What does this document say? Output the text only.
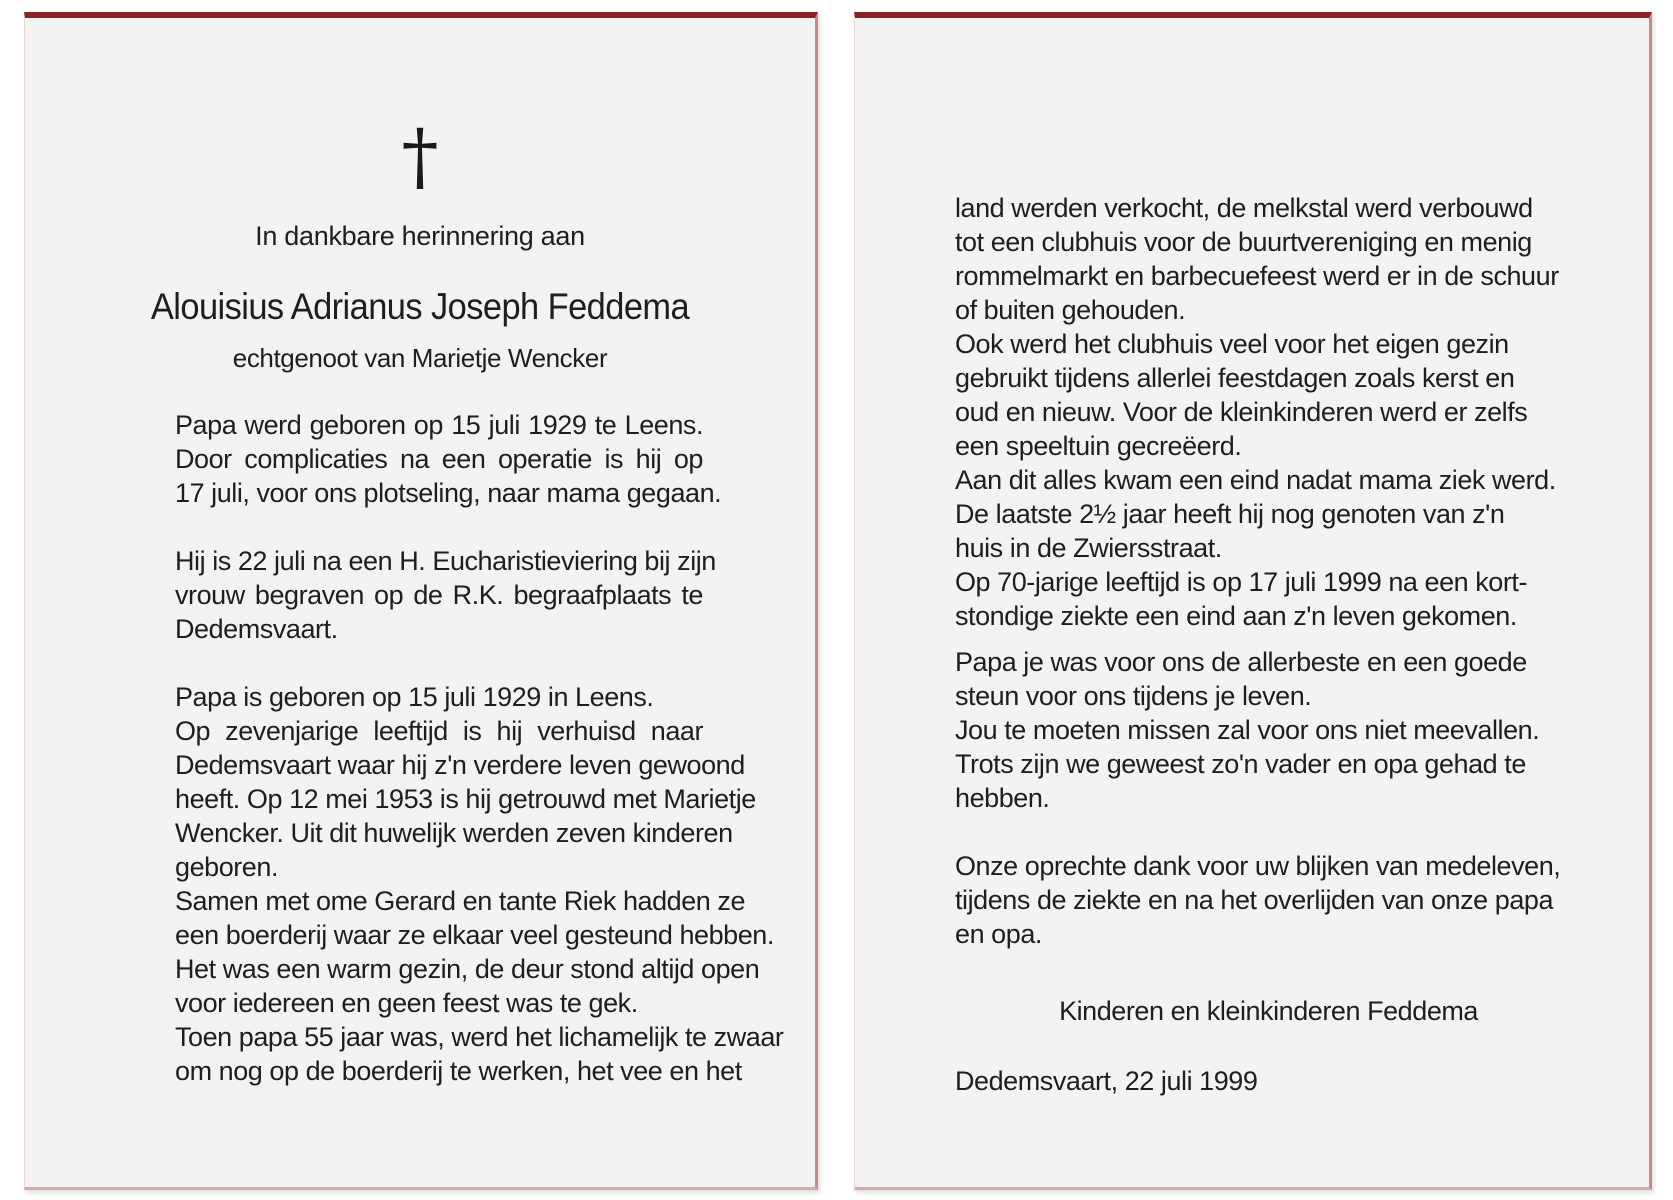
†
In dankbare herinnering aan
Alouisius Adrianus Joseph Feddema
echtgenoot van Marietje Wencker
Papa werd geboren op 15 juli 1929 te Leens.
Door complicaties na een operatie is hij op
17 juli, voor ons plotseling, naar mama gegaan.
Hij is 22 juli na een H. Eucharistieviering bij zijn
vrouw begraven op de R.K. begraafplaats te
Dedemsvaart.
Papa is geboren op 15 juli 1929 in Leens.
Op zevenjarige leeftijd is hij verhuisd naar
Dedemsvaart waar hij z'n verdere leven gewoond
heeft. Op 12 mei 1953 is hij getrouwd met Marietje
Wencker. Uit dit huwelijk werden zeven kinderen
geboren.
Samen met ome Gerard en tante Riek hadden ze
een boerderij waar ze elkaar veel gesteund hebben.
Het was een warm gezin, de deur stond altijd open
voor iedereen en geen feest was te gek.
Toen papa 55 jaar was, werd het lichamelijk te zwaar
om nog op de boerderij te werken, het vee en het
land werden verkocht, de melkstal werd verbouwd
tot een clubhuis voor de buurtvereniging en menig
rommelmarkt en barbecuefeest werd er in de schuur
of buiten gehouden.
Ook werd het clubhuis veel voor het eigen gezin
gebruikt tijdens allerlei feestdagen zoals kerst en
oud en nieuw. Voor de kleinkinderen werd er zelfs
een speeltuin gecreëerd.
Aan dit alles kwam een eind nadat mama ziek werd.
De laatste 2½ jaar heeft hij nog genoten van z'n
huis in de Zwiersstraat.
Op 70-jarige leeftijd is op 17 juli 1999 na een kort-
stondige ziekte een eind aan z'n leven gekomen.
Papa je was voor ons de allerbeste en een goede
steun voor ons tijdens je leven.
Jou te moeten missen zal voor ons niet meevallen.
Trots zijn we geweest zo'n vader en opa gehad te
hebben.
Onze oprechte dank voor uw blijken van medeleven,
tijdens de ziekte en na het overlijden van onze papa
en opa.
Kinderen en kleinkinderen Feddema
Dedemsvaart, 22 juli 1999
